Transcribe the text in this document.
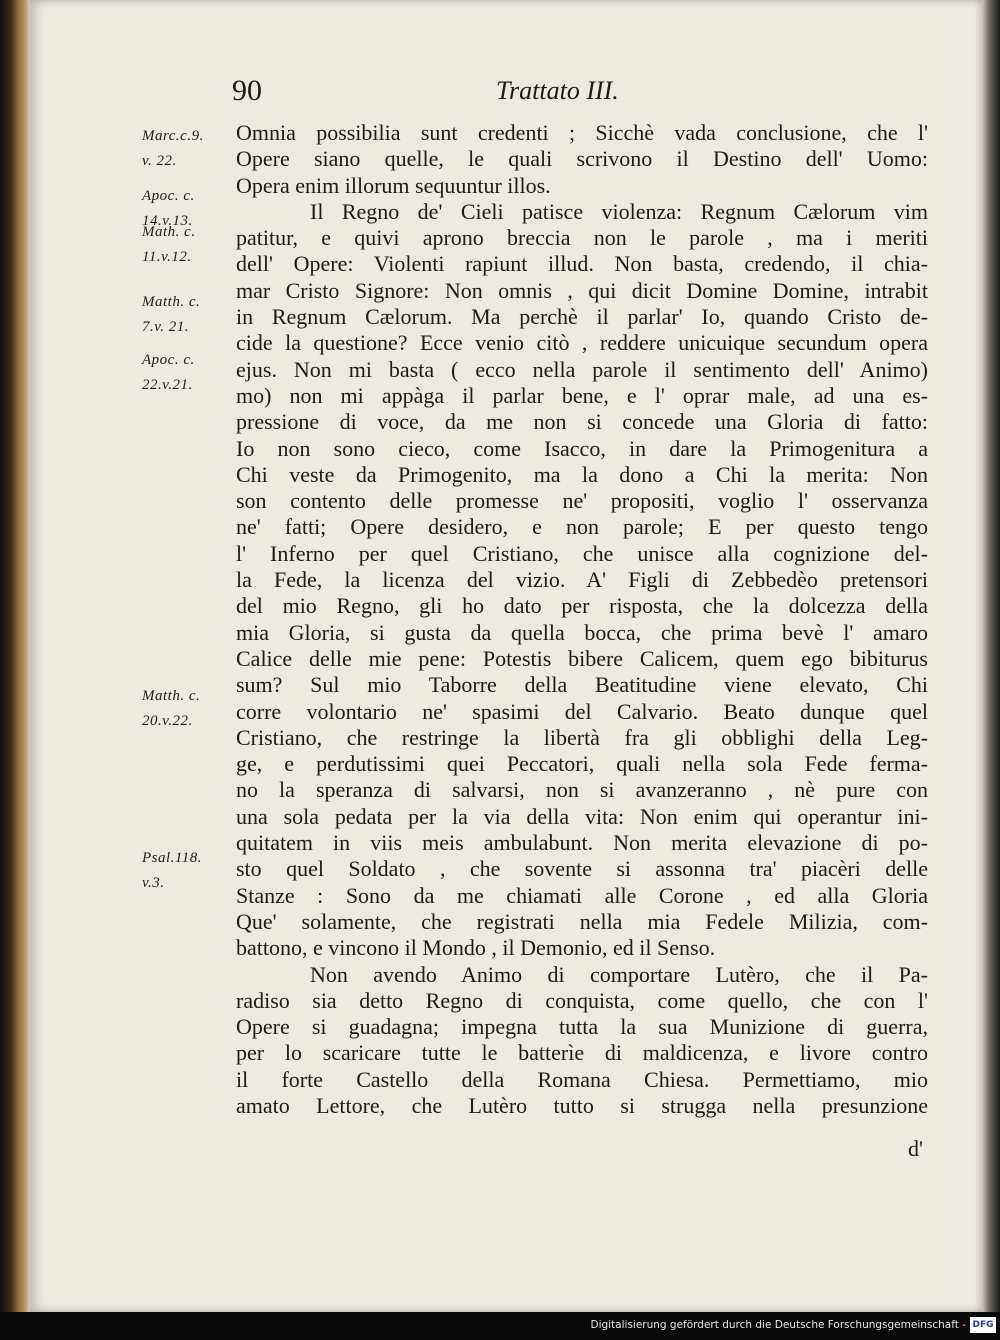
90	Trattato III.
Marc.c.9.
v. 22.
Apoc. c.
14.v.13.
Math. c.
11.v.12.
Matth. c.
7.v. 21.
Apoc. c.
22.v.21.
Matth. c.
20.v.22.
Psal.118.
v.3.
Omnia possibilia sunt credenti ; Sicchè vada conclusione, che l'
Opere siano quelle, le quali scrivono il Destino dell' Uomo:
Opera enim illorum sequuntur illos.
Il Regno de' Cieli patisce violenza: Regnum Cælorum vim
patitur, e quivi aprono breccia non le parole , ma i meriti
dell' Opere: Violenti rapiunt illud. Non basta, credendo, il chia-
mar Cristo Signore: Non omnis , qui dicit Domine Domine, intrabit
in Regnum Cælorum. Ma perchè il parlar' Io, quando Cristo de-
cide la questione? Ecce venio citò , reddere unicuique secundum opera
ejus. Non mi basta ( ecco nella parole il sentimento dell' Animo)
mo) non mi appàga il parlar bene, e l' oprar male, ad una es-
pressione di voce, da me non si concede una Gloria di fatto:
Io non sono cieco, come Isacco, in dare la Primogenitura a
Chi veste da Primogenito, ma la dono a Chi la merita: Non
son contento delle promesse ne' propositi, voglio l' osservanza
ne' fatti; Opere desidero, e non parole; E per questo tengo
l' Inferno per quel Cristiano, che unisce alla cognizione del-
la Fede, la licenza del vizio. A' Figli di Zebbedèo pretensori
del mio Regno, gli ho dato per risposta, che la dolcezza della
mia Gloria, si gusta da quella bocca, che prima bevè l' amaro
Calice delle mie pene: Potestis bibere Calicem, quem ego bibiturus
sum? Sul mio Taborre della Beatitudine viene elevato, Chi
corre volontario ne' spasimi del Calvario. Beato dunque quel
Cristiano, che restringe la libertà fra gli obblighi della Leg-
ge, e perdutissimi quei Peccatori, quali nella sola Fede ferma-
no la speranza di salvarsi, non si avanzeranno , nè pure con
una sola pedata per la via della vita: Non enim qui operantur ini-
quitatem in viis meis ambulabunt. Non merita elevazione di po-
sto quel Soldato , che sovente si assonna tra' piacèri delle
Stanze : Sono da me chiamati alle Corone , ed alla Gloria
Que' solamente, che registrati nella mia Fedele Milizia, com-
battono, e vincono il Mondo , il Demonio, ed il Senso.
Non avendo Animo di comportare Lutèro, che il Pa-
radiso sia detto Regno di conquista, come quello, che con l'
Opere si guadagna; impegna tutta la sua Munizione di guerra,
per lo scaricare tutte le batterìe di maldicenza, e livore contro
il forte Castello della Romana Chiesa. Permettiamo, mio
amato Lettore, che Lutèro tutto si strugga nella presunzione
d'
Digitalisierung gefördert durch die Deutsche Forschungsgemeinschaft - DFG
